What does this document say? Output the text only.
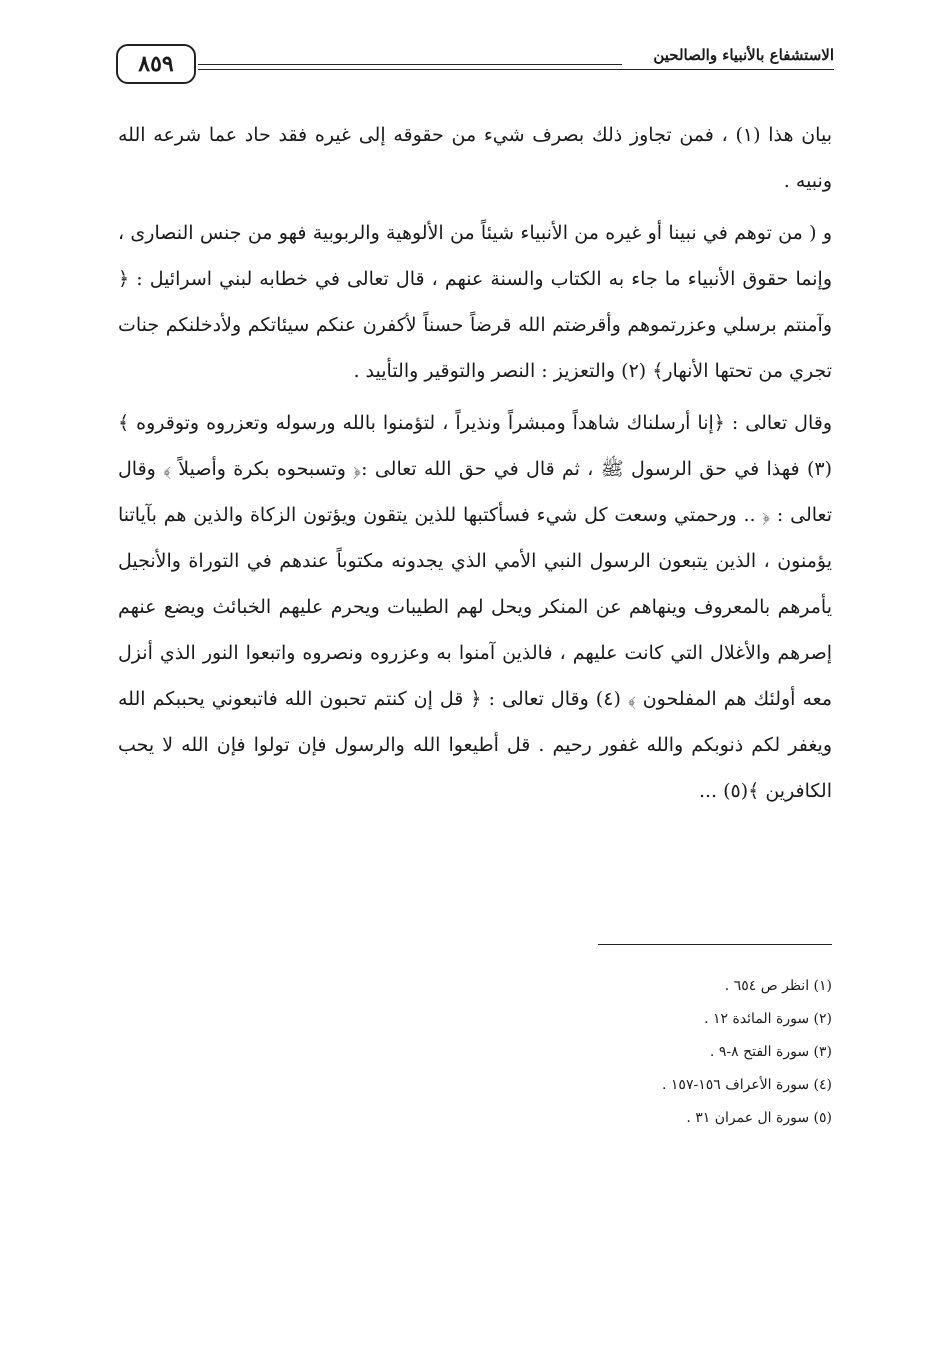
٨٥٩	الاستشفاع بالأنبياء والصالحين

بيان هذا (١) ، فمن تجاوز ذلك بصرف شيء من حقوقه إلى غيره فقد حاد عما شرعه الله ونبيه .

و ( من توهم في نبينا أو غيره من الأنبياء شيئاً من الألوهية والربوبية فهو من جنس النصارى ، وإنما حقوق الأنبياء ما جاء به الكتاب والسنة عنهم ، قال تعالى في خطابه لبني اسرائيل : ﴿ وآمنتم برسلي وعزرتموهم وأقرضتم الله قرضاً حسناً لأكفرن عنكم سيئاتكم ولأدخلنكم جنات تجري من تحتها الأنهار﴾ (٢) والتعزيز : النصر والتوقير والتأييد .

وقال تعالى : ﴿إنا أرسلناك شاهداً ومبشراً ونذيراً ، لتؤمنوا بالله ورسوله وتعزروه وتوقروه ﴾ (٣) فهذا في حق الرسول ﷺ ، ثم قال في حق الله تعالى :﴿ وتسبحوه بكرة وأصيلاً ﴾ وقال تعالى : ﴿ .. ورحمتي وسعت كل شيء فسأكتبها للذين يتقون ويؤتون الزكاة والذين هم بآياتنا يؤمنون ، الذين يتبعون الرسول النبي الأمي الذي يجدونه مكتوباً عندهم في التوراة والأنجيل يأمرهم بالمعروف وينهاهم عن المنكر ويحل لهم الطيبات ويحرم عليهم الخبائث ويضع عنهم إصرهم والأغلال التي كانت عليهم ، فالذين آمنوا به وعزروه ونصروه واتبعوا النور الذي أنزل معه أولئك هم المفلحون ﴾ (٤) وقال تعالى : ﴿ قل إن كنتم تحبون الله فاتبعوني يحببكم الله ويغفر لكم ذنوبكم والله غفور رحيم . قل أطيعوا الله والرسول فإن تولوا فإن الله لا يحب الكافرين ﴾(٥) ...

(١) انظر ص ٦٥٤ .
(٢) سورة المائدة ١٢ .
(٣) سورة الفتح ٨-٩ .
(٤) سورة الأعراف ١٥٦-١٥٧ .
(٥) سورة ال عمران ٣١ .
